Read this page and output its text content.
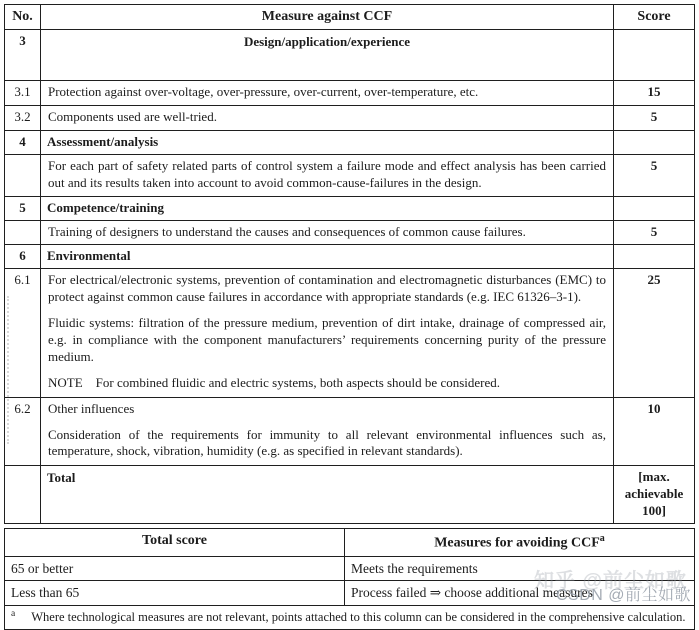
No.	Measure against CCF	Score
3	Design/application/experience	
3.1	Protection against over-voltage, over-pressure, over-current, over-temperature, etc.	15
3.2	Components used are well-tried.	5
4	Assessment/analysis	
	For each part of safety related parts of control system a failure mode and effect analysis has been carried out and its results taken into account to avoid common-cause-failures in the design.	5
5	Competence/training	
	Training of designers to understand the causes and consequences of common cause failures.	5
6	Environmental	
6.1	For electrical/electronic systems, prevention of contamination and electromagnetic disturbances (EMC) to protect against common cause failures in accordance with appropriate standards (e.g. IEC 61326–3-1).

Fluidic systems: filtration of the pressure medium, prevention of dirt intake, drainage of compressed air, e.g. in compliance with the component manufacturers’ requirements concerning purity of the pressure medium.

NOTE    For combined fluidic and electric systems, both aspects should be considered.	25
6.2	Other influences

Consideration of the requirements for immunity to all relevant environmental influences such as, temperature, shock, vibration, humidity (e.g. as specified in relevant standards).	10
	Total	[max. achievable 100]
Total score	Measures for avoiding CCF$^a$
65 or better	Meets the requirements
Less than 65	Process failed ⇒ choose additional measures
$^a$ Where technological measures are not relevant, points attached to this column can be considered in the comprehensive calculation.	
知乎 @前尘如歌
CSDN @前尘如歌
